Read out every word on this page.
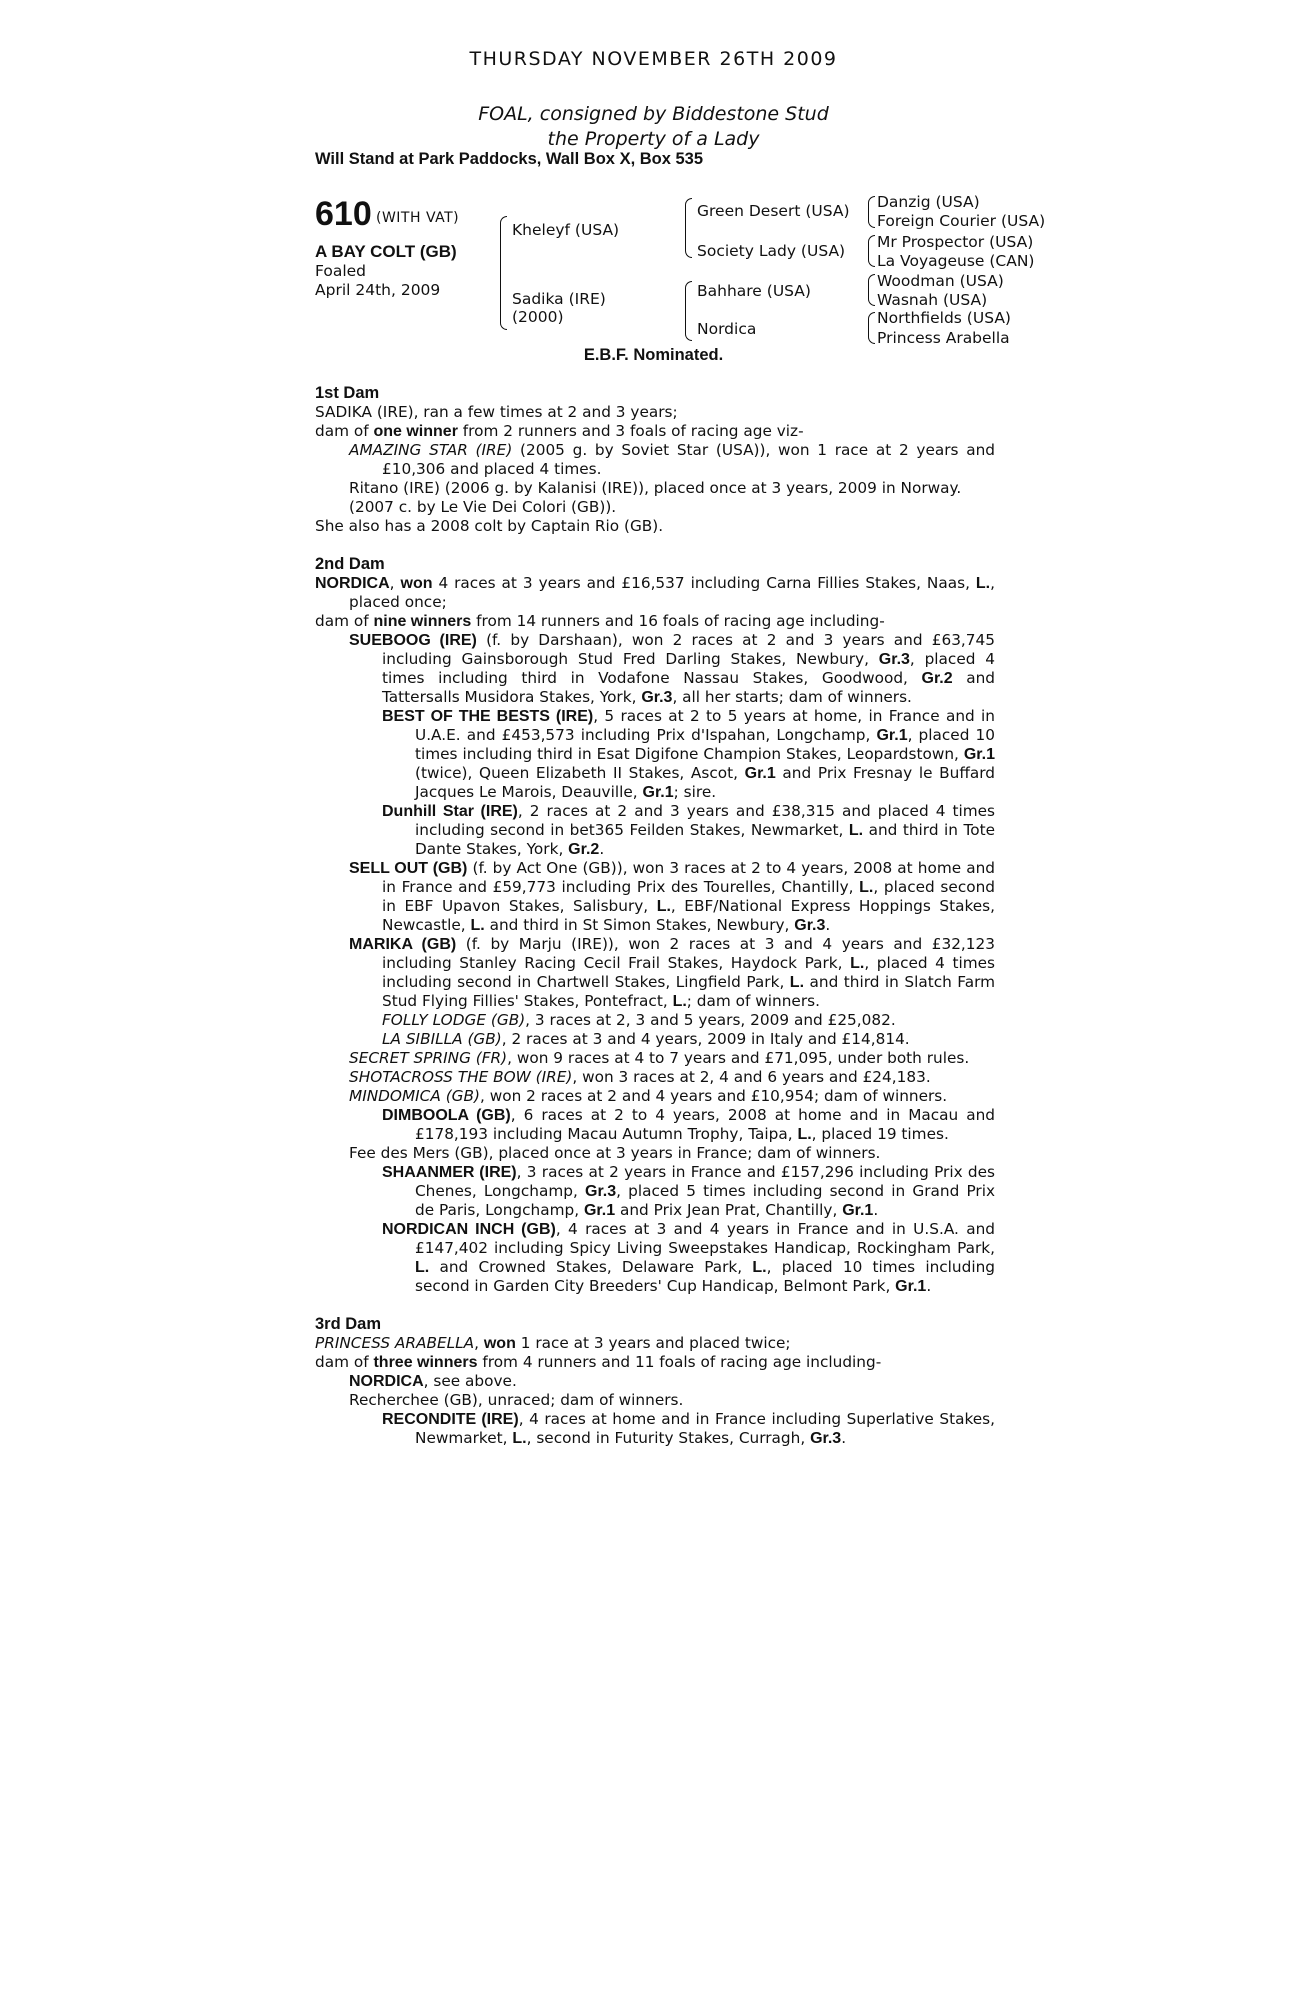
THURSDAY NOVEMBER 26TH 2009
FOAL, consigned by Biddestone Stud
the Property of a Lady
Will Stand at Park Paddocks, Wall Box X, Box 535
610 (WITH VAT)
A BAY COLT (GB)
Foaled
April 24th, 2009
Kheleyf (USA)
Sadika (IRE)
(2000)
Green Desert (USA)
Society Lady (USA)
Bahhare (USA)
Nordica
Danzig (USA)
Foreign Courier (USA)
Mr Prospector (USA)
La Voyageuse (CAN)
Woodman (USA)
Wasnah (USA)
Northfields (USA)
Princess Arabella
E.B.F. Nominated.
1st Dam

SADIKA (IRE), ran a few times at 2 and 3 years;

dam of one winner from 2 runners and 3 foals of racing age viz-

AMAZING STAR (IRE) (2005 g. by Soviet Star (USA)), won 1 race at 2 years and £10,306 and placed 4 times.

Ritano (IRE) (2006 g. by Kalanisi (IRE)), placed once at 3 years, 2009 in Norway.

(2007 c. by Le Vie Dei Colori (GB)).

She also has a 2008 colt by Captain Rio (GB).

2nd Dam

NORDICA, won 4 races at 3 years and £16,537 including Carna Fillies Stakes, Naas, L., placed once;

dam of nine winners from 14 runners and 16 foals of racing age including-

SUEBOOG (IRE) (f. by Darshaan), won 2 races at 2 and 3 years and £63,745 including Gainsborough Stud Fred Darling Stakes, Newbury, Gr.3, placed 4 times including third in Vodafone Nassau Stakes, Goodwood, Gr.2 and Tattersalls Musidora Stakes, York, Gr.3, all her starts; dam of winners.

BEST OF THE BESTS (IRE), 5 races at 2 to 5 years at home, in France and in U.A.E. and £453,573 including Prix d'Ispahan, Longchamp, Gr.1, placed 10 times including third in Esat Digifone Champion Stakes, Leopardstown, Gr.1 (twice), Queen Elizabeth II Stakes, Ascot, Gr.1 and Prix Fresnay le Buffard Jacques Le Marois, Deauville, Gr.1; sire.

Dunhill Star (IRE), 2 races at 2 and 3 years and £38,315 and placed 4 times including second in bet365 Feilden Stakes, Newmarket, L. and third in Tote Dante Stakes, York, Gr.2.

SELL OUT (GB) (f. by Act One (GB)), won 3 races at 2 to 4 years, 2008 at home and in France and £59,773 including Prix des Tourelles, Chantilly, L., placed second in EBF Upavon Stakes, Salisbury, L., EBF/National Express Hoppings Stakes, Newcastle, L. and third in St Simon Stakes, Newbury, Gr.3.

MARIKA (GB) (f. by Marju (IRE)), won 2 races at 3 and 4 years and £32,123 including Stanley Racing Cecil Frail Stakes, Haydock Park, L., placed 4 times including second in Chartwell Stakes, Lingfield Park, L. and third in Slatch Farm Stud Flying Fillies' Stakes, Pontefract, L.; dam of winners.

FOLLY LODGE (GB), 3 races at 2, 3 and 5 years, 2009 and £25,082.

LA SIBILLA (GB), 2 races at 3 and 4 years, 2009 in Italy and £14,814.

SECRET SPRING (FR), won 9 races at 4 to 7 years and £71,095, under both rules.

SHOTACROSS THE BOW (IRE), won 3 races at 2, 4 and 6 years and £24,183.

MINDOMICA (GB), won 2 races at 2 and 4 years and £10,954; dam of winners.

DIMBOOLA (GB), 6 races at 2 to 4 years, 2008 at home and in Macau and £178,193 including Macau Autumn Trophy, Taipa, L., placed 19 times.

Fee des Mers (GB), placed once at 3 years in France; dam of winners.

SHAANMER (IRE), 3 races at 2 years in France and £157,296 including Prix des Chenes, Longchamp, Gr.3, placed 5 times including second in Grand Prix de Paris, Longchamp, Gr.1 and Prix Jean Prat, Chantilly, Gr.1.

NORDICAN INCH (GB), 4 races at 3 and 4 years in France and in U.S.A. and £147,402 including Spicy Living Sweepstakes Handicap, Rockingham Park, L. and Crowned Stakes, Delaware Park, L., placed 10 times including second in Garden City Breeders' Cup Handicap, Belmont Park, Gr.1.

3rd Dam

PRINCESS ARABELLA, won 1 race at 3 years and placed twice;

dam of three winners from 4 runners and 11 foals of racing age including-

NORDICA, see above.

Recherchee (GB), unraced; dam of winners.

RECONDITE (IRE), 4 races at home and in France including Superlative Stakes, Newmarket, L., second in Futurity Stakes, Curragh, Gr.3.
